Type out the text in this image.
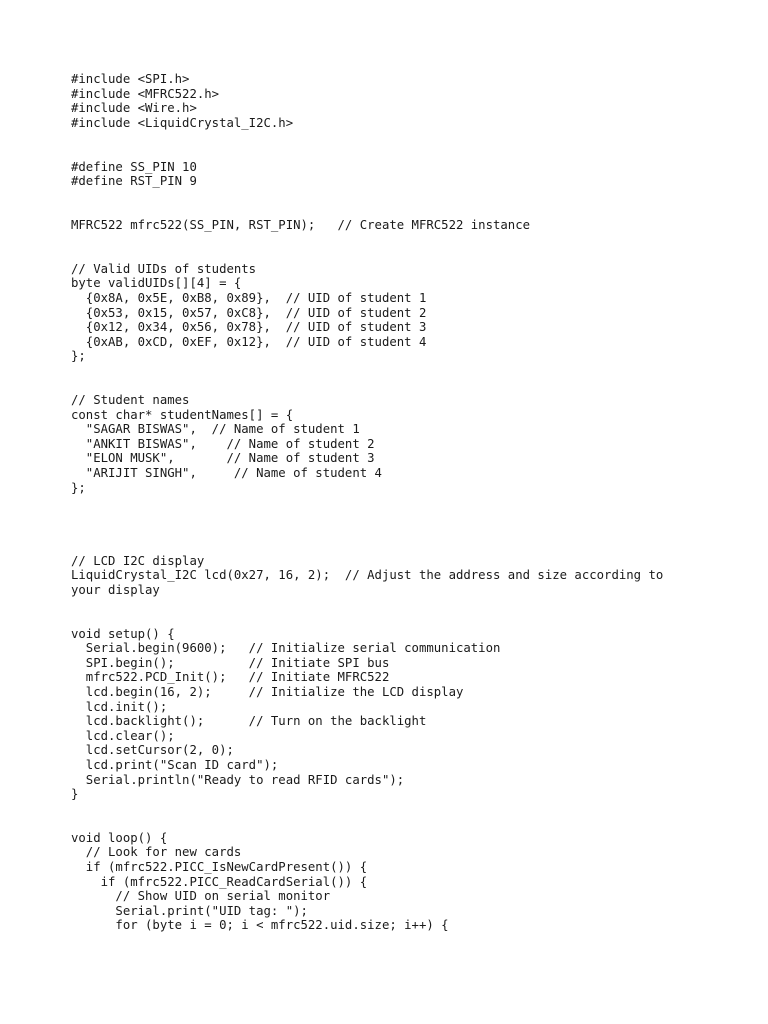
#include <SPI.h>
#include <MFRC522.h>
#include <Wire.h>
#include <LiquidCrystal_I2C.h>
#define SS_PIN 10
#define RST_PIN 9
MFRC522 mfrc522(SS_PIN, RST_PIN);   // Create MFRC522 instance
// Valid UIDs of students
byte validUIDs[][4] = {
{0x8A, 0x5E, 0xB8, 0x89},  // UID of student 1
{0x53, 0x15, 0x57, 0xC8},  // UID of student 2
{0x12, 0x34, 0x56, 0x78},  // UID of student 3
{0xAB, 0xCD, 0xEF, 0x12},  // UID of student 4
};
// Student names
const char* studentNames[] = {
"SAGAR BISWAS",  // Name of student 1
"ANKIT BISWAS",    // Name of student 2
"ELON MUSK",       // Name of student 3
"ARIJIT SINGH",     // Name of student 4
};
// LCD I2C display
LiquidCrystal_I2C lcd(0x27, 16, 2);  // Adjust the address and size according to
your display
void setup() {
Serial.begin(9600);   // Initialize serial communication
SPI.begin();          // Initiate SPI bus
mfrc522.PCD_Init();   // Initiate MFRC522
lcd.begin(16, 2);     // Initialize the LCD display
lcd.init();
lcd.backlight();      // Turn on the backlight
lcd.clear();
lcd.setCursor(2, 0);
lcd.print("Scan ID card");
Serial.println("Ready to read RFID cards");
}
void loop() {
// Look for new cards
if (mfrc522.PICC_IsNewCardPresent()) {
if (mfrc522.PICC_ReadCardSerial()) {
// Show UID on serial monitor
Serial.print("UID tag: ");
for (byte i = 0; i < mfrc522.uid.size; i++) {
